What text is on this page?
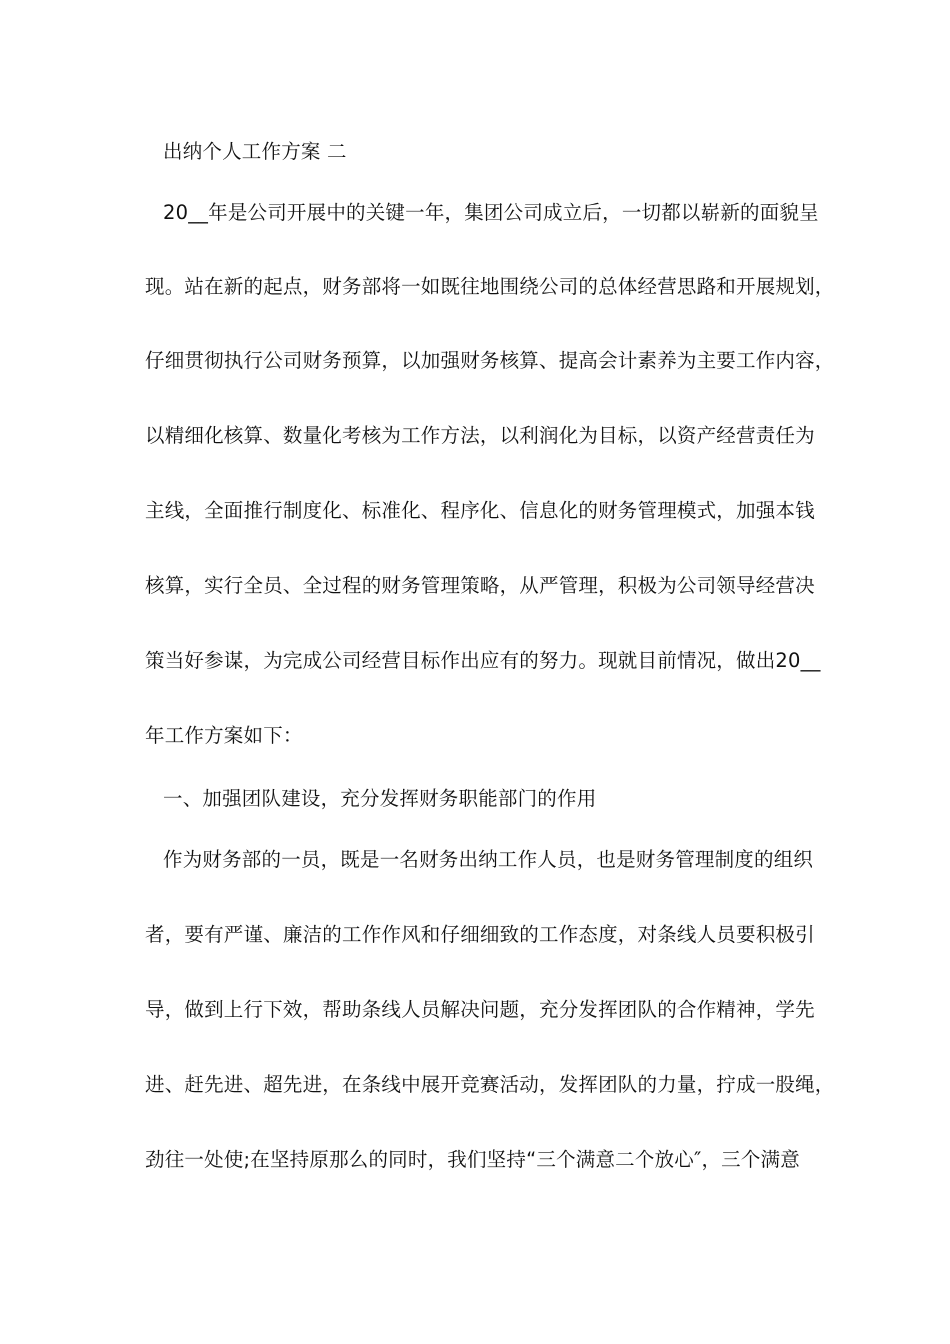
出纳个人工作方案 二
20__年是公司开展中的关键一年，集团公司成立后，一切都以崭新的面貌呈
现。站在新的起点，财务部将一如既往地围绕公司的总体经营思路和开展规划，
仔细贯彻执行公司财务预算，以加强财务核算、提高会计素养为主要工作内容，
以精细化核算、数量化考核为工作方法，以利润化为目标，以资产经营责任为
主线，全面推行制度化、标准化、程序化、信息化的财务管理模式，加强本钱
核算，实行全员、全过程的财务管理策略，从严管理，积极为公司领导经营决
策当好参谋，为完成公司经营目标作出应有的努力。现就目前情况，做出20__
年工作方案如下：
一、加强团队建设，充分发挥财务职能部门的作用
作为财务部的一员，既是一名财务出纳工作人员，也是财务管理制度的组织
者，要有严谨、廉洁的工作作风和仔细细致的工作态度，对条线人员要积极引
导，做到上行下效，帮助条线人员解决问题，充分发挥团队的合作精神，学先
进、赶先进、超先进，在条线中展开竞赛活动，发挥团队的力量，拧成一股绳，
劲往一处使;在坚持原那么的同时，我们坚持“三个满意二个放心″，三个满意
